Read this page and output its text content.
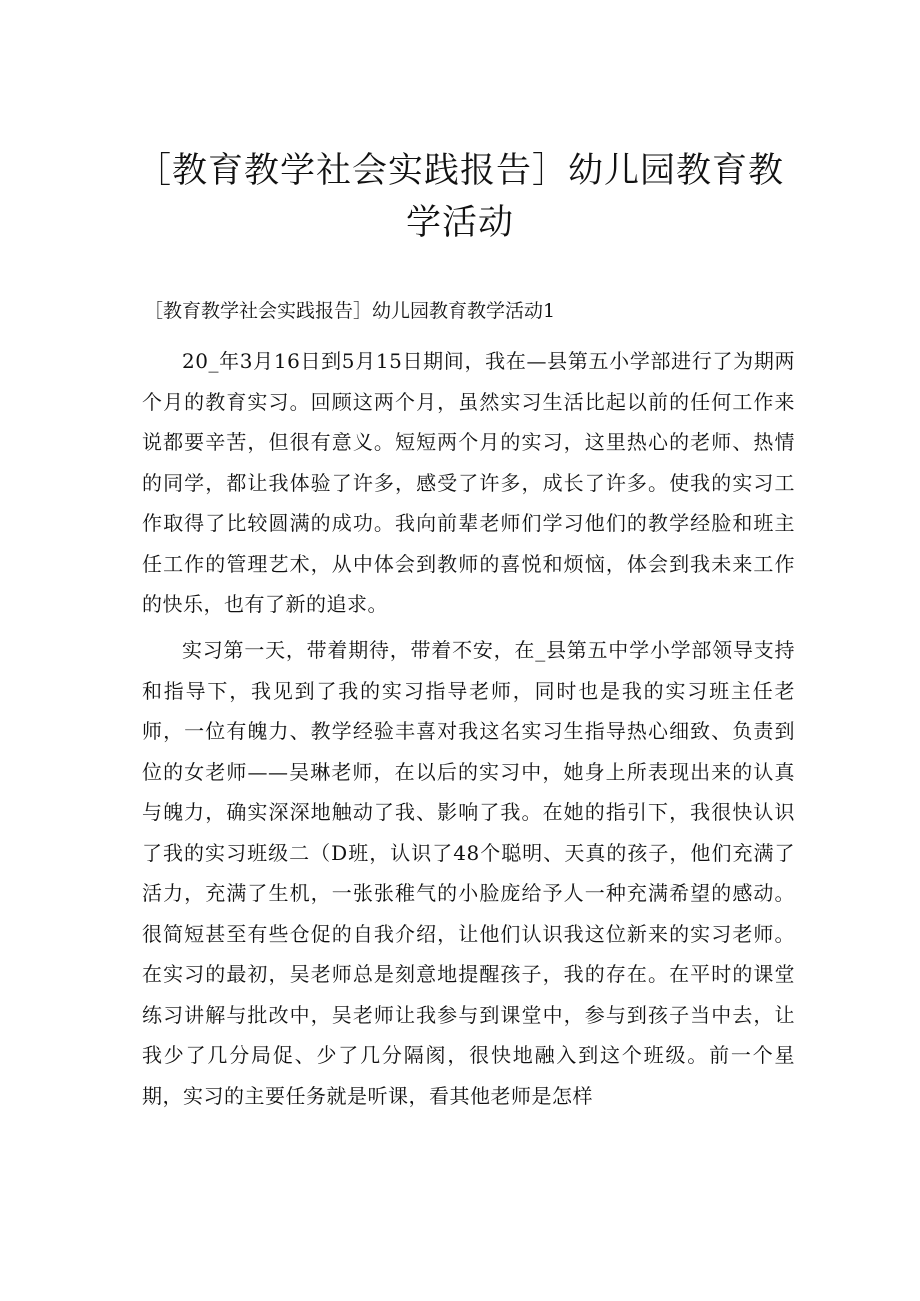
［教育教学社会实践报告］幼儿园教育教学活动

［教育教学社会实践报告］幼儿园教育教学活动1

20_年3月16日到5月15日期间，我在—县第五小学部进行了为期两个月的教育实习。回顾这两个月，虽然实习生活比起以前的任何工作来说都要辛苦，但很有意义。短短两个月的实习，这里热心的老师、热情的同学，都让我体验了许多，感受了许多，成长了许多。使我的实习工作取得了比较圆满的成功。我向前辈老师们学习他们的教学经脸和班主任工作的管理艺术，从中体会到教师的喜悦和烦恼，体会到我未来工作的快乐，也有了新的追求。

实习第一天，带着期待，带着不安，在_县第五中学小学部领导支持和指导下，我见到了我的实习指导老师，同时也是我的实习班主任老师，一位有魄力、教学经验丰喜对我这名实习生指导热心细致、负责到位的女老师——吴琳老师，在以后的实习中，她身上所表现出来的认真与魄力，确实深深地触动了我、影响了我。在她的指引下，我很快认识了我的实习班级二（D班，认识了48个聪明、天真的孩子，他们充满了活力，充满了生机，一张张稚气的小脸庞给予人一种充满希望的感动。很简短甚至有些仓促的自我介绍，让他们认识我这位新来的实习老师。在实习的最初，吴老师总是刻意地提醒孩子，我的存在。在平时的课堂练习讲解与批改中，吴老师让我参与到课堂中，参与到孩子当中去，让我少了几分局促、少了几分隔阂，很快地融入到这个班级。前一个星期，实习的主要任务就是听课，看其他老师是怎样
